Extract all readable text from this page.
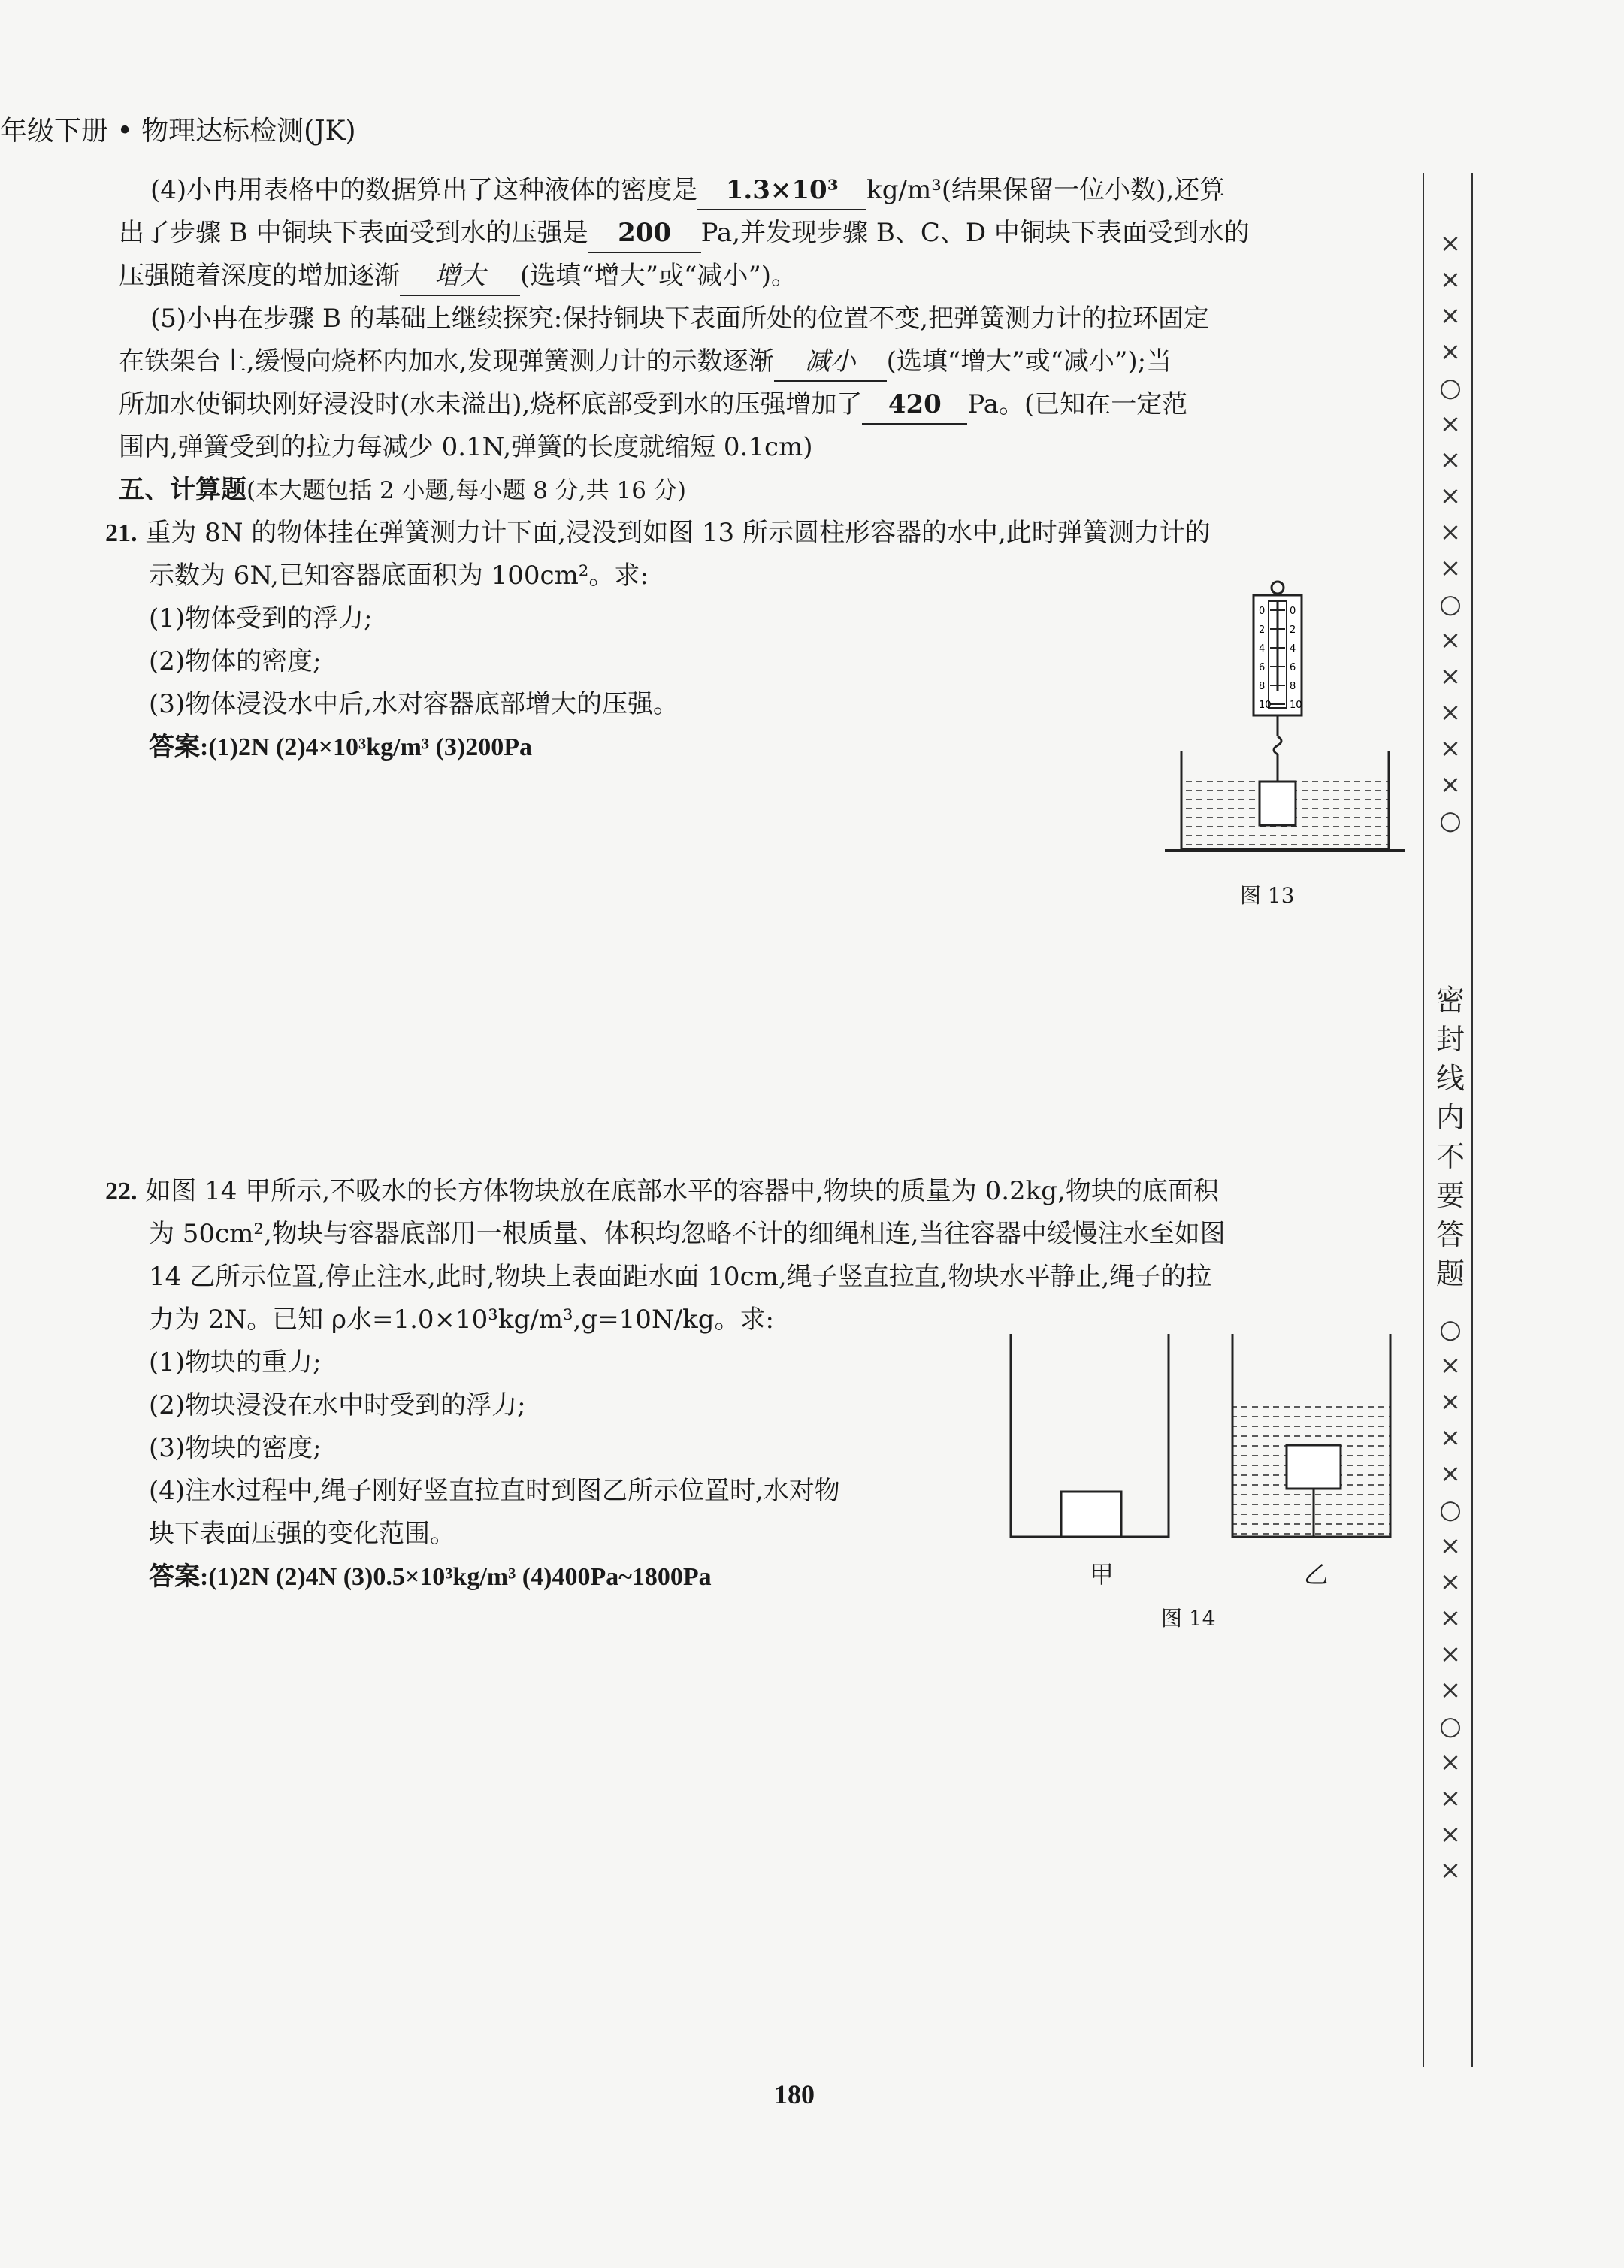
年级下册 • 物理达标检测(JK)
(4)小冉用表格中的数据算出了这种液体的密度是 1.3×10³ kg/m³(结果保留一位小数),还算
出了步骤 B 中铜块下表面受到水的压强是 200 Pa,并发现步骤 B、C、D 中铜块下表面受到水的
压强随着深度的增加逐渐 增大 (选填“增大”或“减小”)。
(5)小冉在步骤 B 的基础上继续探究:保持铜块下表面所处的位置不变,把弹簧测力计的拉环固定
在铁架台上,缓慢向烧杯内加水,发现弹簧测力计的示数逐渐 减小 (选填“增大”或“减小”);当
所加水使铜块刚好浸没时(水未溢出),烧杯底部受到水的压强增加了 420 Pa。(已知在一定范
围内,弹簧受到的拉力每减少 0.1N,弹簧的长度就缩短 0.1cm)
五、计算题(本大题包括 2 小题,每小题 8 分,共 16 分)
21. 重为 8N 的物体挂在弹簧测力计下面,浸没到如图 13 所示圆柱形容器的水中,此时弹簧测力计的
示数为 6N,已知容器底面积为 100cm²。求:
(1)物体受到的浮力;
(2)物体的密度;
(3)物体浸没水中后,水对容器底部增大的压强。
答案:(1)2N (2)4×10³kg/m³ (3)200Pa
0
2
4
6
8
10
0
2
4
6
8
10
图 13
22. 如图 14 甲所示,不吸水的长方体物块放在底部水平的容器中,物块的质量为 0.2kg,物块的底面积
为 50cm²,物块与容器底部用一根质量、体积均忽略不计的细绳相连,当往容器中缓慢注水至如图
14 乙所示位置,停止注水,此时,物块上表面距水面 10cm,绳子竖直拉直,物块水平静止,绳子的拉
力为 2N。已知 ρ水=1.0×10³kg/m³,g=10N/kg。求:
(1)物块的重力;
(2)物块浸没在水中时受到的浮力;
(3)物块的密度;
(4)注水过程中,绳子刚好竖直拉直时到图乙所示位置时,水对物
块下表面压强的变化范围。
答案:(1)2N (2)4N (3)0.5×10³kg/m³ (4)400Pa~1800Pa	甲	乙
图 14
××××○×××××○×××××○
密封线内不要答题
○××××○×××××○××××
180
